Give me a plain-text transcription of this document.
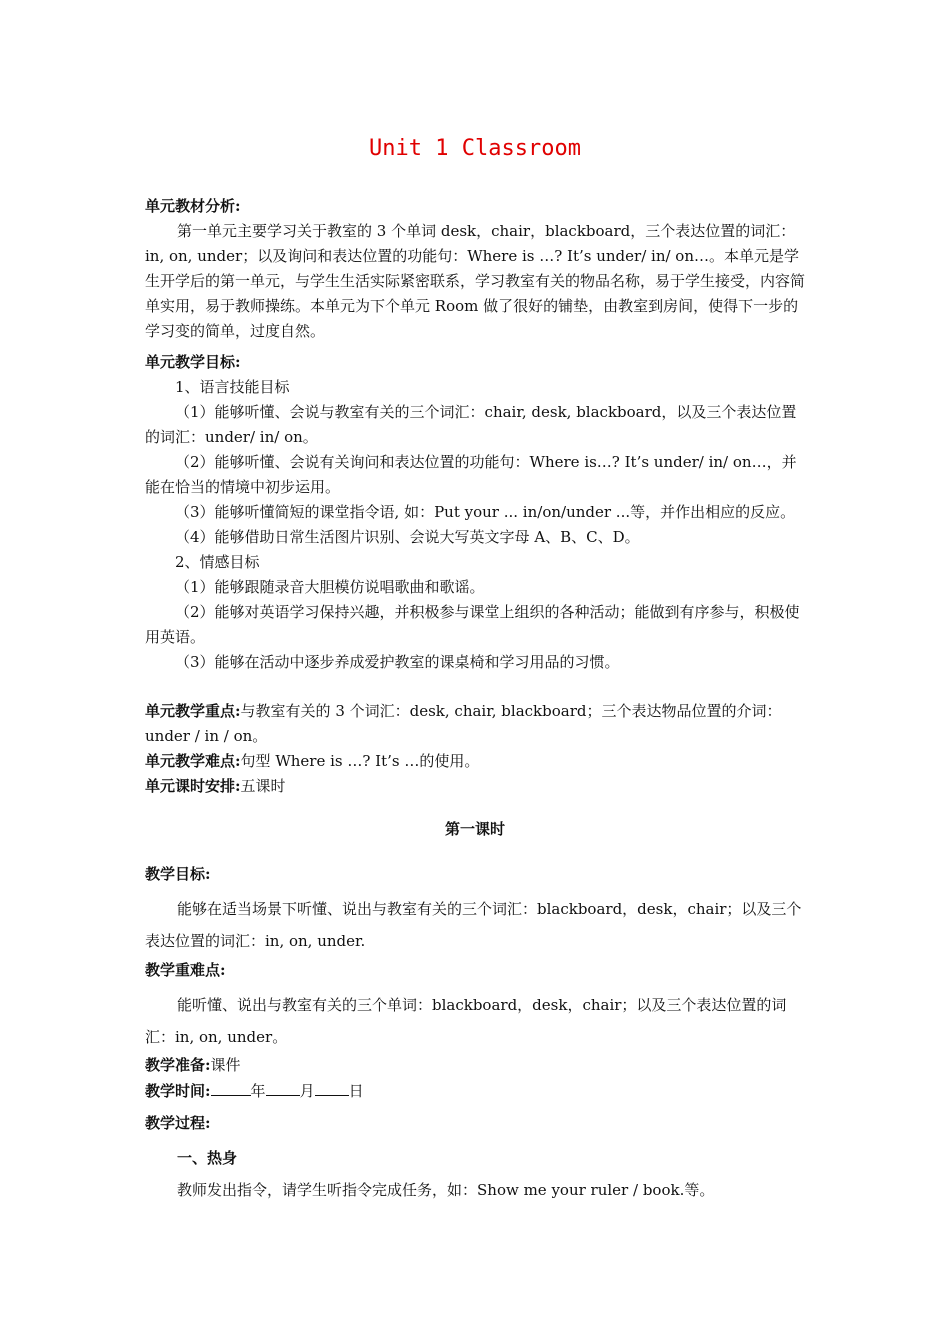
Unit 1 Classroom

单元教材分析:

第一单元主要学习关于教室的 3 个单词 desk，chair，blackboard，三个表达位置的词汇：in, on, under；以及询问和表达位置的功能句：Where is …? It’s under/ in/ on…。本单元是学生开学后的第一单元，与学生生活实际紧密联系，学习教室有关的物品名称，易于学生接受，内容简单实用，易于教师操练。本单元为下个单元 Room 做了很好的铺垫，由教室到房间，使得下一步的学习变的简单，过度自然。

单元教学目标:

1、语言技能目标

（1）能够听懂、会说与教室有关的三个词汇：chair, desk, blackboard，以及三个表达位置的词汇：under/ in/ on。

（2）能够听懂、会说有关询问和表达位置的功能句：Where is…? It’s under/ in/ on…，并能在恰当的情境中初步运用。

（3）能够听懂简短的课堂指令语, 如：Put your ... in/on/under ...等，并作出相应的反应。

（4）能够借助日常生活图片识别、会说大写英文字母 A、B、C、D。

2、情感目标

（1）能够跟随录音大胆模仿说唱歌曲和歌谣。

（2）能够对英语学习保持兴趣，并积极参与课堂上组织的各种活动；能做到有序参与，积极使用英语。

（3）能够在活动中逐步养成爱护教室的课桌椅和学习用品的习惯。

单元教学重点:与教室有关的 3 个词汇：desk, chair, blackboard；三个表达物品位置的介词：under / in / on。

单元教学难点:句型 Where is …? It’s …的使用。

单元课时安排:五课时

第一课时

教学目标:

能够在适当场景下听懂、说出与教室有关的三个词汇：blackboard，desk，chair；以及三个表达位置的词汇：in, on, under.

教学重难点:

能听懂、说出与教室有关的三个单词：blackboard，desk，chair；以及三个表达位置的词汇：in, on, under。

教学准备:课件

教学时间:	年 月 日

教学过程:

一、热身

教师发出指令，请学生听指令完成任务，如：Show me your ruler / book.等。
